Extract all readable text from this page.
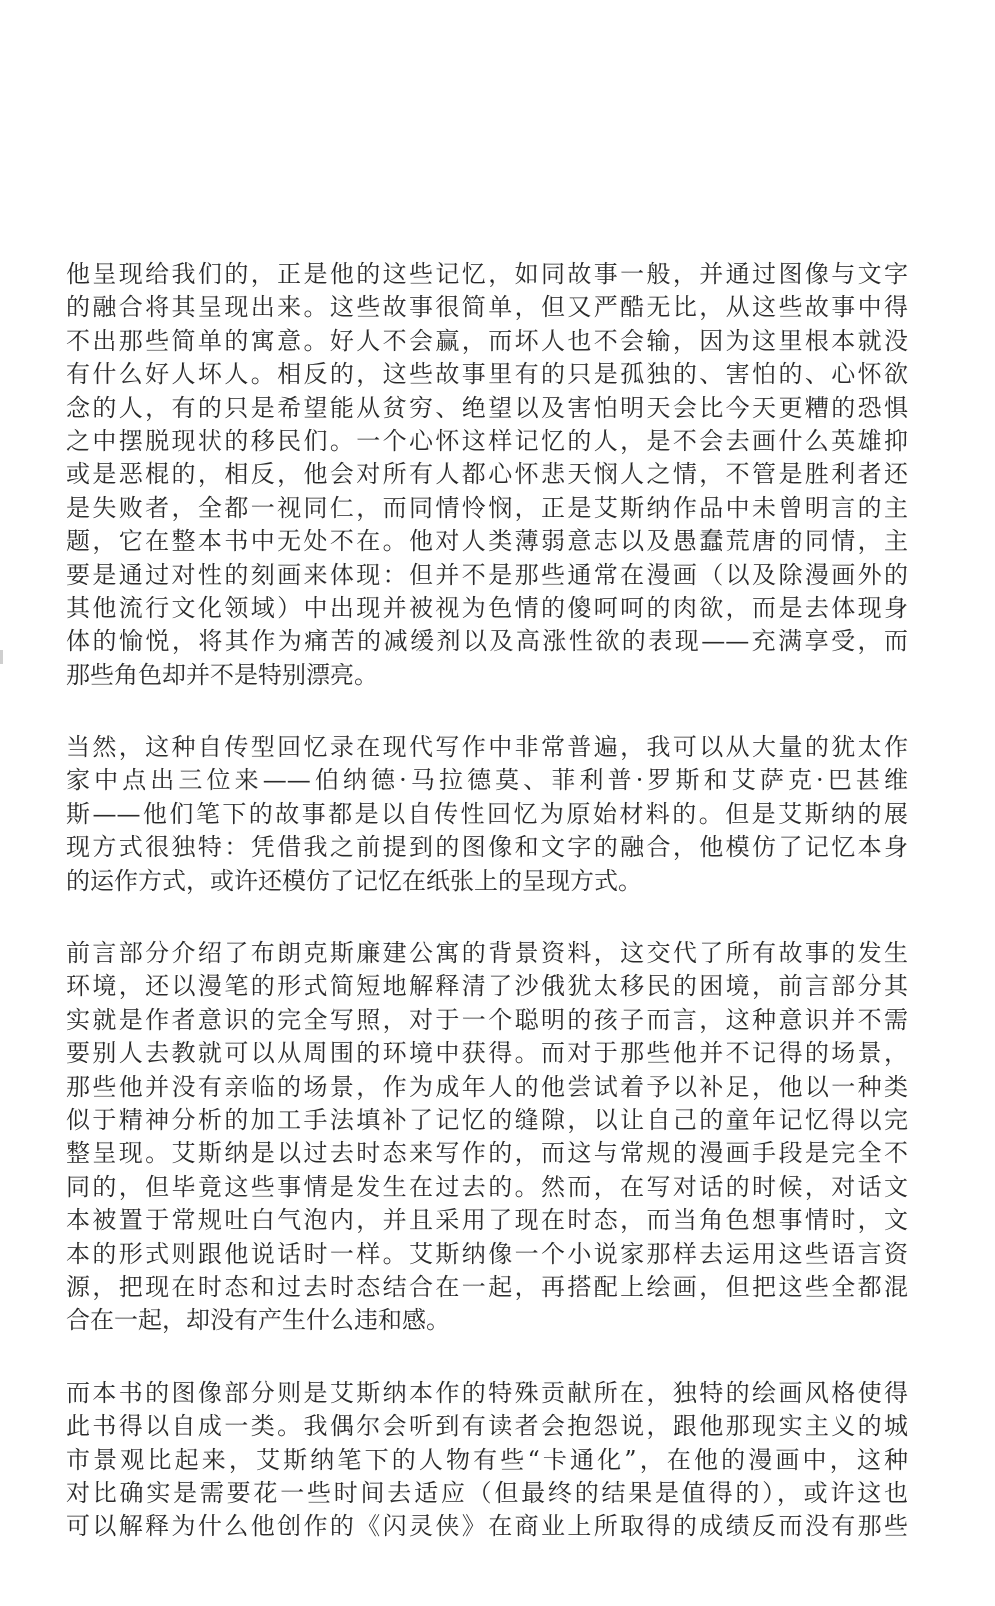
他呈现给我们的，正是他的这些记忆，如同故事一般，并通过图像与文字
的融合将其呈现出来。这些故事很简单，但又严酷无比，从这些故事中得
不出那些简单的寓意。好人不会赢，而坏人也不会输，因为这里根本就没
有什么好人坏人。相反的，这些故事里有的只是孤独的、害怕的、心怀欲
念的人，有的只是希望能从贫穷、绝望以及害怕明天会比今天更糟的恐惧
之中摆脱现状的移民们。一个心怀这样记忆的人，是不会去画什么英雄抑
或是恶棍的，相反，他会对所有人都心怀悲天悯人之情，不管是胜利者还
是失败者，全都一视同仁，而同情怜悯，正是艾斯纳作品中未曾明言的主
题，它在整本书中无处不在。他对人类薄弱意志以及愚蠢荒唐的同情，主
要是通过对性的刻画来体现：但并不是那些通常在漫画（以及除漫画外的
其他流行文化领域）中出现并被视为色情的傻呵呵的肉欲，而是去体现身
体的愉悦，将其作为痛苦的减缓剂以及高涨性欲的表现——充满享受，而
那些角色却并不是特别漂亮。
当然，这种自传型回忆录在现代写作中非常普遍，我可以从大量的犹太作
家中点出三位来——伯纳德·马拉德莫、菲利普·罗斯和艾萨克·巴甚维
斯——他们笔下的故事都是以自传性回忆为原始材料的。但是艾斯纳的展
现方式很独特：凭借我之前提到的图像和文字的融合，他模仿了记忆本身
的运作方式，或许还模仿了记忆在纸张上的呈现方式。
前言部分介绍了布朗克斯廉建公寓的背景资料，这交代了所有故事的发生
环境，还以漫笔的形式简短地解释清了沙俄犹太移民的困境，前言部分其
实就是作者意识的完全写照，对于一个聪明的孩子而言，这种意识并不需
要别人去教就可以从周围的环境中获得。而对于那些他并不记得的场景，
那些他并没有亲临的场景，作为成年人的他尝试着予以补足，他以一种类
似于精神分析的加工手法填补了记忆的缝隙，以让自己的童年记忆得以完
整呈现。艾斯纳是以过去时态来写作的，而这与常规的漫画手段是完全不
同的，但毕竟这些事情是发生在过去的。然而，在写对话的时候，对话文
本被置于常规吐白气泡内，并且采用了现在时态，而当角色想事情时，文
本的形式则跟他说话时一样。艾斯纳像一个小说家那样去运用这些语言资
源，把现在时态和过去时态结合在一起，再搭配上绘画，但把这些全都混
合在一起，却没有产生什么违和感。
而本书的图像部分则是艾斯纳本作的特殊贡献所在，独特的绘画风格使得
此书得以自成一类。我偶尔会听到有读者会抱怨说，跟他那现实主义的城
市景观比起来，艾斯纳笔下的人物有些“卡通化”，在他的漫画中，这种
对比确实是需要花一些时间去适应（但最终的结果是值得的），或许这也
可以解释为什么他创作的《闪灵侠》在商业上所取得的成绩反而没有那些
